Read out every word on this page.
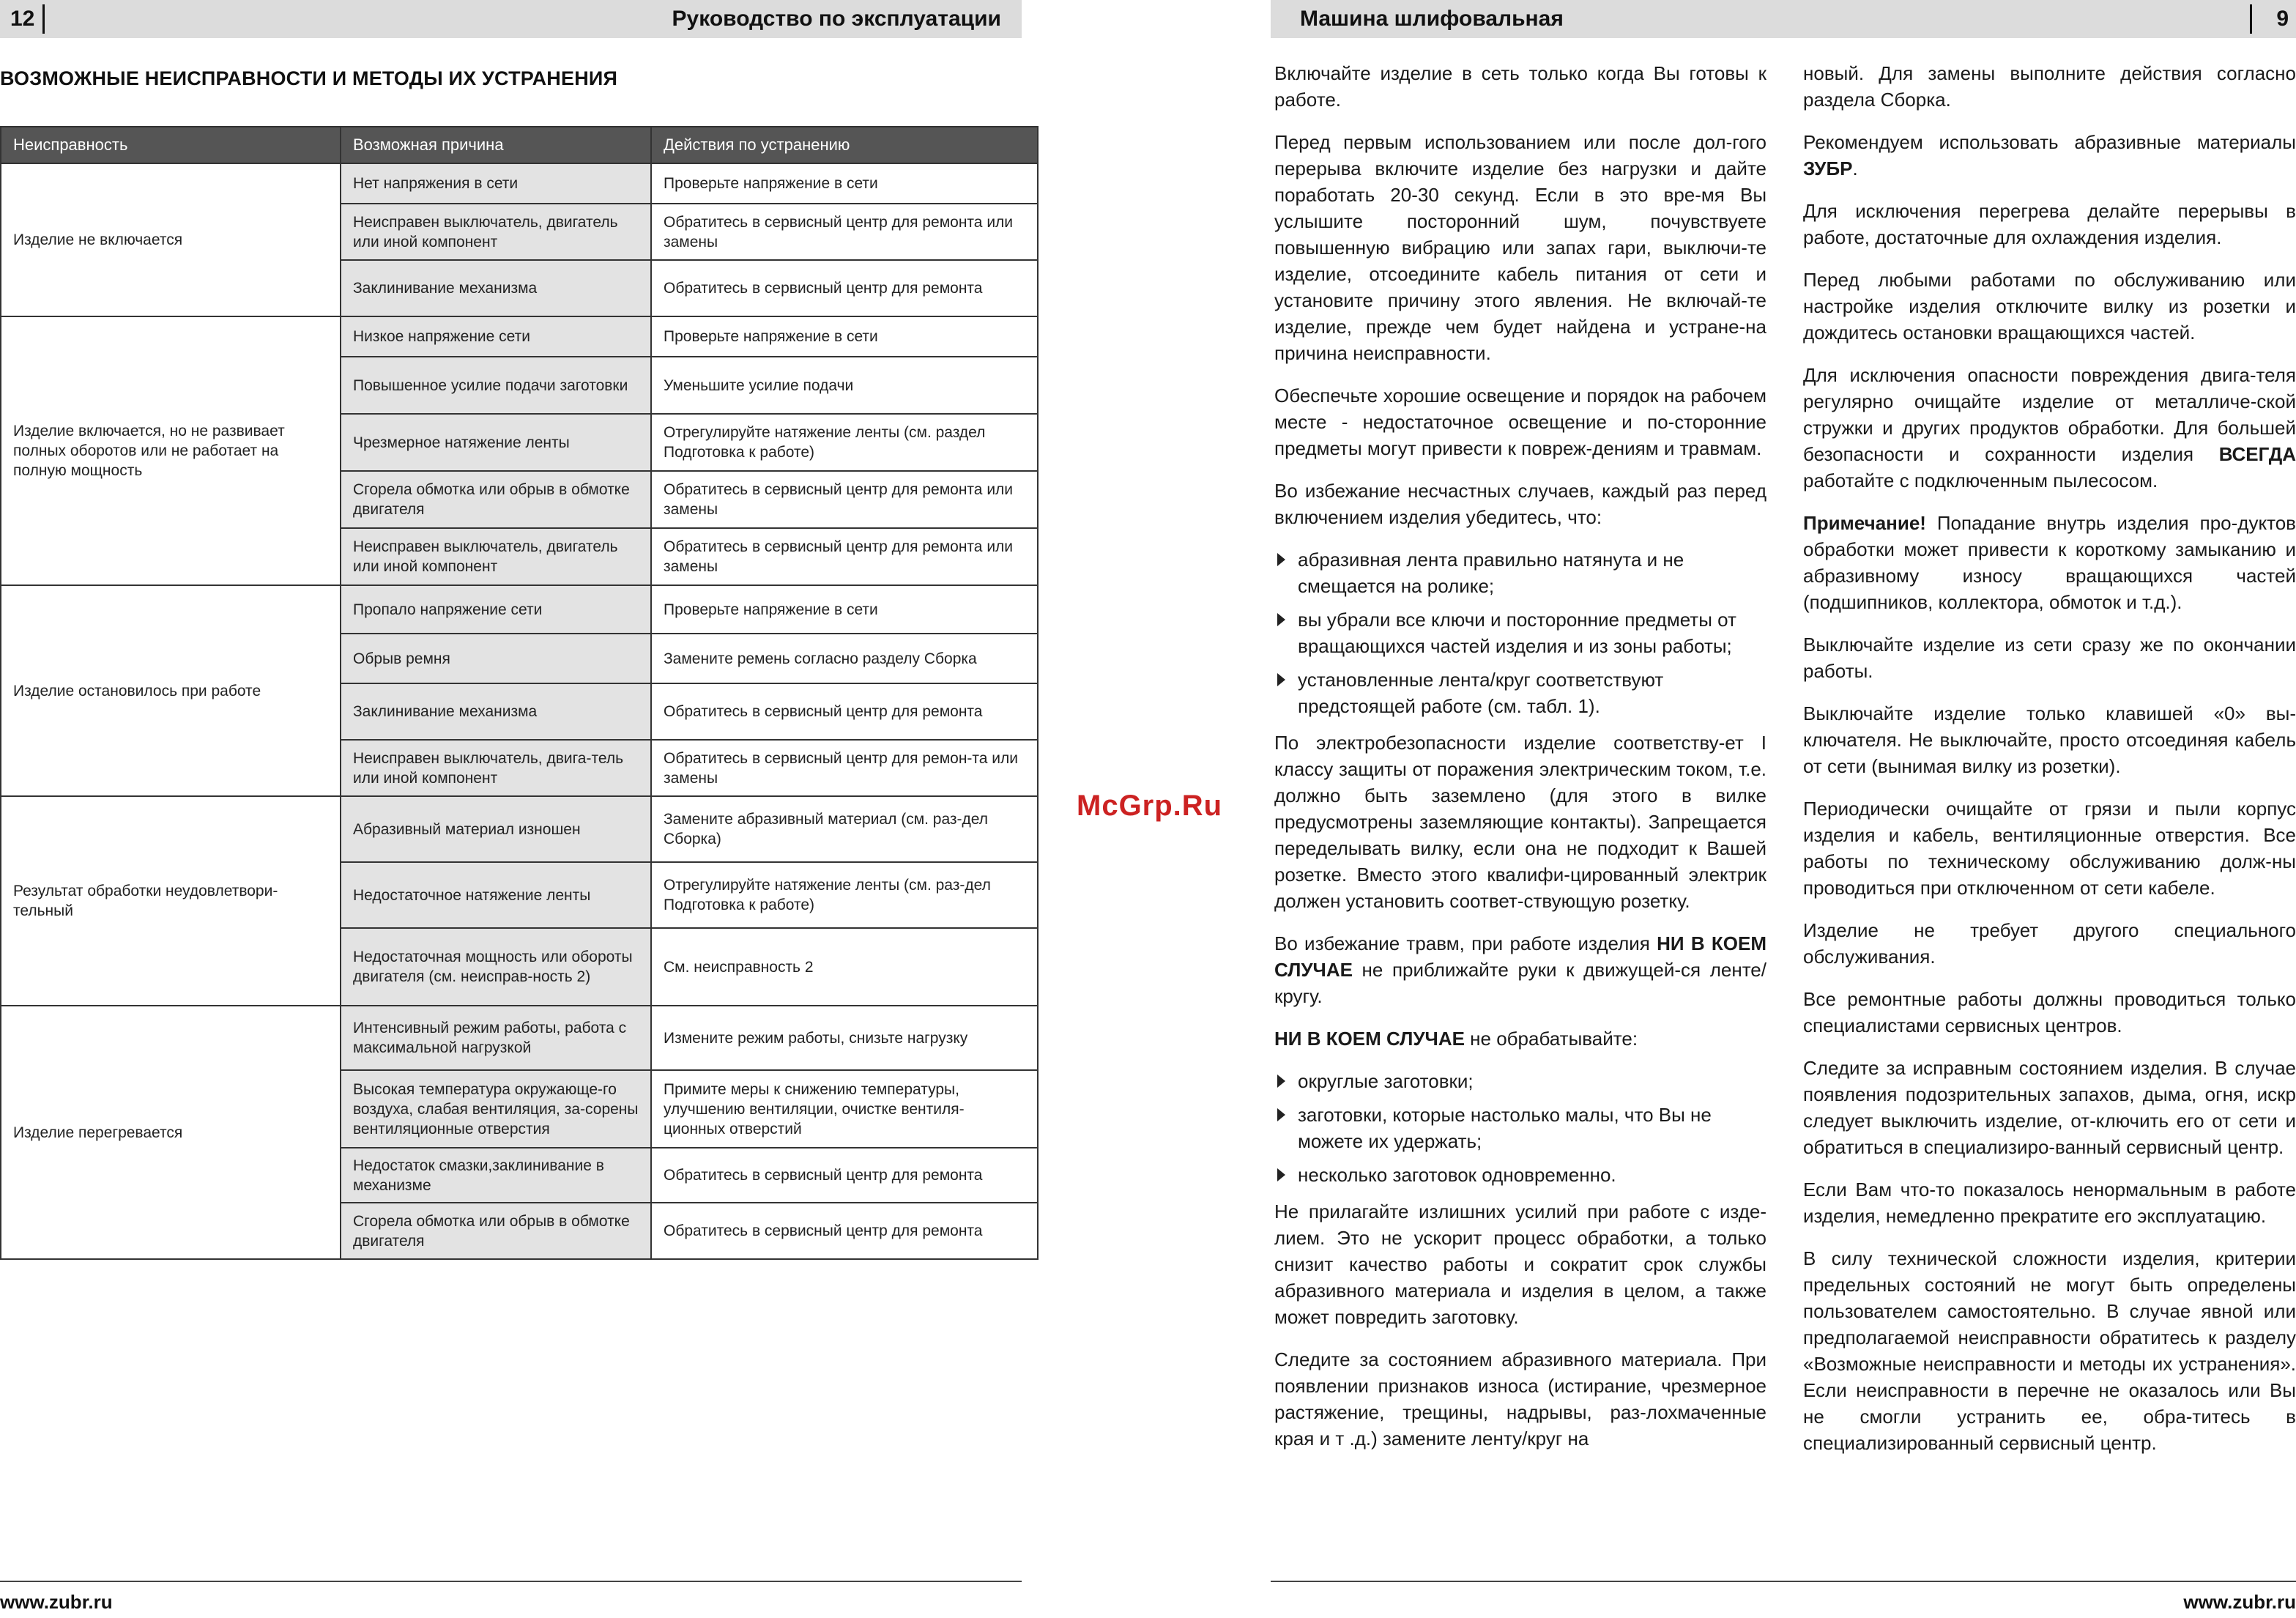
12	Руководство по эксплуатации
ВОЗМОЖНЫЕ НЕИСПРАВНОСТИ И МЕТОДЫ ИХ УСТРАНЕНИЯ
Неисправность	Возможная причина	Действия по устранению
Изделие не включается	Нет напряжения в сети	Проверьте напряжение в сети
	Неисправен выключатель, двигатель или иной компонент	Обратитесь в сервисный центр для ремонта или замены
	Заклинивание механизма	Обратитесь в сервисный центр для ремонта
Изделие включается, но не развивает полных оборотов или не работает на полную мощность	Низкое напряжение сети	Проверьте напряжение в сети
	Повышенное усилие подачи заготовки	Уменьшите усилие подачи
	Чрезмерное натяжение ленты	Отрегулируйте натяжение ленты (см. раздел Подготовка к работе)
	Сгорела обмотка или обрыв в обмотке двигателя	Обратитесь в сервисный центр для ремонта или замены
	Неисправен выключатель, двигатель или иной компонент	Обратитесь в сервисный центр для ремонта или замены
Изделие остановилось при работе	Пропало напряжение сети	Проверьте напряжение в сети
	Обрыв ремня	Замените ремень согласно разделу Сборка
	Заклинивание механизма	Обратитесь в сервисный центр для ремонта
	Неисправен выключатель, двига-тель или иной компонент	Обратитесь в сервисный центр для ремон-та или замены
Результат обработки неудовлетвори-тельный	Абразивный материал изношен	Замените абразивный материал (см. раз-дел Сборка)
	Недостаточное натяжение ленты	Отрегулируйте натяжение ленты (см. раз-дел Подготовка к работе)
	Недостаточная мощность или обороты двигателя (см. неисправ-ность 2)	См. неисправность 2
Изделие перегревается	Интенсивный режим работы, работа с максимальной нагрузкой	Измените режим работы, снизьте нагрузку
	Высокая температура окружающе-го воздуха, слабая вентиляция, за-сорены вентиляционные отверстия	Примите меры к снижению температуры, улучшению вентиляции, очистке вентиля-ционных отверстий
	Недостаток смазки,заклинивание в механизме	Обратитесь в сервисный центр для ремонта
	Сгорела обмотка или обрыв в обмотке двигателя	Обратитесь в сервисный центр для ремонта
www.zubr.ru
McGrp.Ru
Машина шлифовальная	9

Включайте изделие в сеть только когда Вы готовы к работе.

Перед первым использованием или после дол-гого перерыва включите изделие без нагрузки и дайте поработать 20-30 секунд. Если в это вре-мя Вы услышите посторонний шум, почувствуете повышенную вибрацию или запах гари, выключи-те изделие, отсоедините кабель питания от сети и установите причину этого явления. Не включай-те изделие, прежде чем будет найдена и устране-на причина неисправности.

Обеспечьте хорошие освещение и порядок на рабочем месте - недостаточное освещение и по-сторонние предметы могут привести к повреж-дениям и травмам.

Во избежание несчастных случаев, каждый раз перед включением изделия убедитесь, что:

абразивная лента правильно натянута и не смещается на ролике;
вы убрали все ключи и посторонние предметы от вращающихся частей изделия и из зоны работы;
установленные лента/круг соответствуют предстоящей работе (см. табл. 1).

По электробезопасности изделие соответству-ет I классу защиты от поражения электрическим током, т.е. должно быть заземлено (для этого в вилке предусмотрены заземляющие контакты). Запрещается переделывать вилку, если она не подходит к Вашей розетке. Вместо этого квалифи-цированный электрик должен установить соответ-ствующую розетку.

Во избежание травм, при работе изделия НИ В КОЕМ СЛУЧАЕ не приближайте руки к движущей-ся ленте/кругу.

НИ В КОЕМ СЛУЧАЕ не обрабатывайте:

округлые заготовки;
заготовки, которые настолько малы, что Вы не можете их удержать;
несколько заготовок одновременно.

Не прилагайте излишних усилий при работе с изде-лием. Это не ускорит процесс обработки, а только снизит качество работы и сократит срок службы абразивного материала и изделия в целом, а также может повредить заготовку.

Следите за состоянием абразивного материала. При появлении признаков износа (истирание, чрезмерное растяжение, трещины, надрывы, раз-лохмаченные края и т .д.) замените ленту/круг на

новый. Для замены выполните действия согласно раздела Сборка.

Рекомендуем использовать абразивные материалы ЗУБР.

Для исключения перегрева делайте перерывы в работе, достаточные для охлаждения изделия.

Перед любыми работами по обслуживанию или настройке изделия отключите вилку из розетки и дождитесь остановки вращающихся частей.

Для исключения опасности повреждения двига-теля регулярно очищайте изделие от металличе-ской стружки и других продуктов обработки. Для большей безопасности и сохранности изделия ВСЕГДА работайте с подключенным пылесосом.

Примечание! Попадание внутрь изделия про-дуктов обработки может привести к короткому замыканию и абразивному износу вращающихся частей (подшипников, коллектора, обмоток и т.д.).

Выключайте изделие из сети сразу же по окончании работы.

Выключайте изделие только клавишей «0» вы-ключателя. Не выключайте, просто отсоединяя кабель от сети (вынимая вилку из розетки).

Периодически очищайте от грязи и пыли корпус изделия и кабель, вентиляционные отверстия. Все работы по техническому обслуживанию долж-ны проводиться при отключенном от сети кабеле.

Изделие не требует другого специального обслуживания.

Все ремонтные работы должны проводиться только специалистами сервисных центров.

Следите за исправным состоянием изделия. В случае появления подозрительных запахов, дыма, огня, искр следует выключить изделие, от-ключить его от сети и обратиться в специализиро-ванный сервисный центр.

Если Вам что-то показалось ненормальным в работе изделия, немедленно прекратите его эксплуатацию.

В силу технической сложности изделия, критерии предельных состояний не могут быть определены пользователем самостоятельно. В случае явной или предполагаемой неисправности обратитесь к разделу «Возможные неисправности и методы их устранения». Если неисправности в перечне не оказалось или Вы не смогли устранить ее, обра-титесь в специализированный сервисный центр.

www.zubr.ru
